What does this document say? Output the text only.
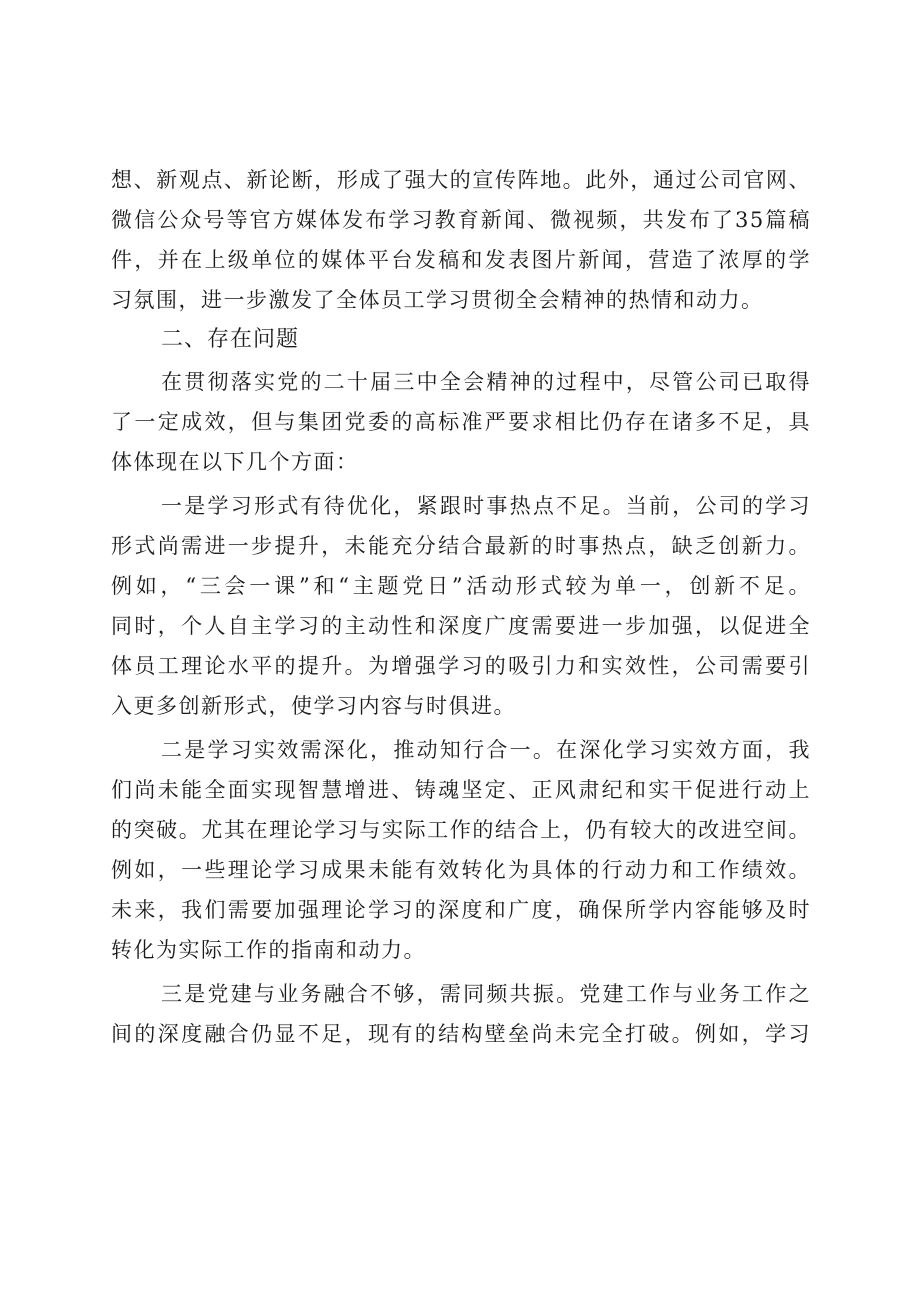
想、新观点、新论断，形成了强大的宣传阵地。此外，通过公司官网、
微信公众号等官方媒体发布学习教育新闻、微视频，共发布了35篇稿
件，并在上级单位的媒体平台发稿和发表图片新闻，营造了浓厚的学
习氛围，进一步激发了全体员工学习贯彻全会精神的热情和动力。
二、存在问题
在贯彻落实党的二十届三中全会精神的过程中，尽管公司已取得
了一定成效，但与集团党委的高标准严要求相比仍存在诸多不足，具
体体现在以下几个方面：
一是学习形式有待优化，紧跟时事热点不足。当前，公司的学习
形式尚需进一步提升，未能充分结合最新的时事热点，缺乏创新力。
例如，“三会一课”和“主题党日”活动形式较为单一，创新不足。
同时，个人自主学习的主动性和深度广度需要进一步加强，以促进全
体员工理论水平的提升。为增强学习的吸引力和实效性，公司需要引
入更多创新形式，使学习内容与时俱进。
二是学习实效需深化，推动知行合一。在深化学习实效方面，我
们尚未能全面实现智慧增进、铸魂坚定、正风肃纪和实干促进行动上
的突破。尤其在理论学习与实际工作的结合上，仍有较大的改进空间。
例如，一些理论学习成果未能有效转化为具体的行动力和工作绩效。
未来，我们需要加强理论学习的深度和广度，确保所学内容能够及时
转化为实际工作的指南和动力。
三是党建与业务融合不够，需同频共振。党建工作与业务工作之
间的深度融合仍显不足，现有的结构壁垒尚未完全打破。例如，学习
